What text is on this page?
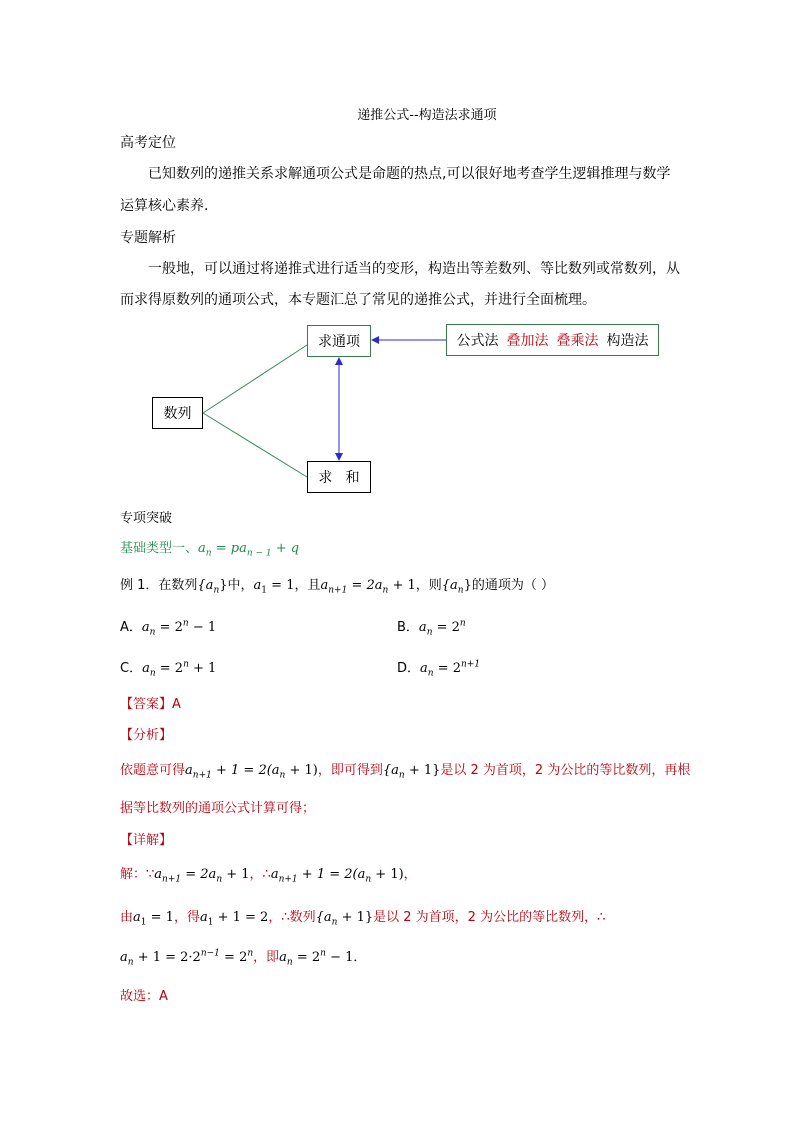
递推公式--构造法求通项
高考定位
已知数列的递推关系求解通项公式是命题的热点,可以很好地考查学生逻辑推理与数学
运算核心素养.
专题解析
一般地，可以通过将递推式进行适当的变形，构造出等差数列、等比数列或常数列，从
而求得原数列的通项公式，本专题汇总了常见的递推公式，并进行全面梳理。
数列
求通项
求   和
公式法 叠加法 叠乘法 构造法
专项突破
基础类型一、$a_n = pa_{n - 1} + q$
例 1．在数列$\{a_n\}$中，$a_1 = 1$，且$a_{n+1} = 2a_n + 1$，则$\{a_n\}$的通项为（ ）
A．$a_n = 2^n - 1$	B．$a_n = 2^n$
C．$a_n = 2^n + 1$	D．$a_n = 2^{n+1}$
【答案】A
【分析】
依题意可得$a_{n+1} + 1 = 2(a_n + 1)$，即可得到$\{a_n + 1\}$是以 2 为首项，2 为公比的等比数列，再根
据等比数列的通项公式计算可得；
【详解】
解：$\because a_{n+1} = 2a_n + 1$，$\therefore a_{n+1} + 1 = 2(a_n + 1)$，
由$a_1 = 1$，得$a_1 + 1 = 2$，∴数列$\{a_n + 1\}$是以 2 为首项，2 为公比的等比数列，∴
$a_n + 1 = 2\cdot 2^{n-1} = 2^n$，即$a_n = 2^n - 1$．
故选：A
